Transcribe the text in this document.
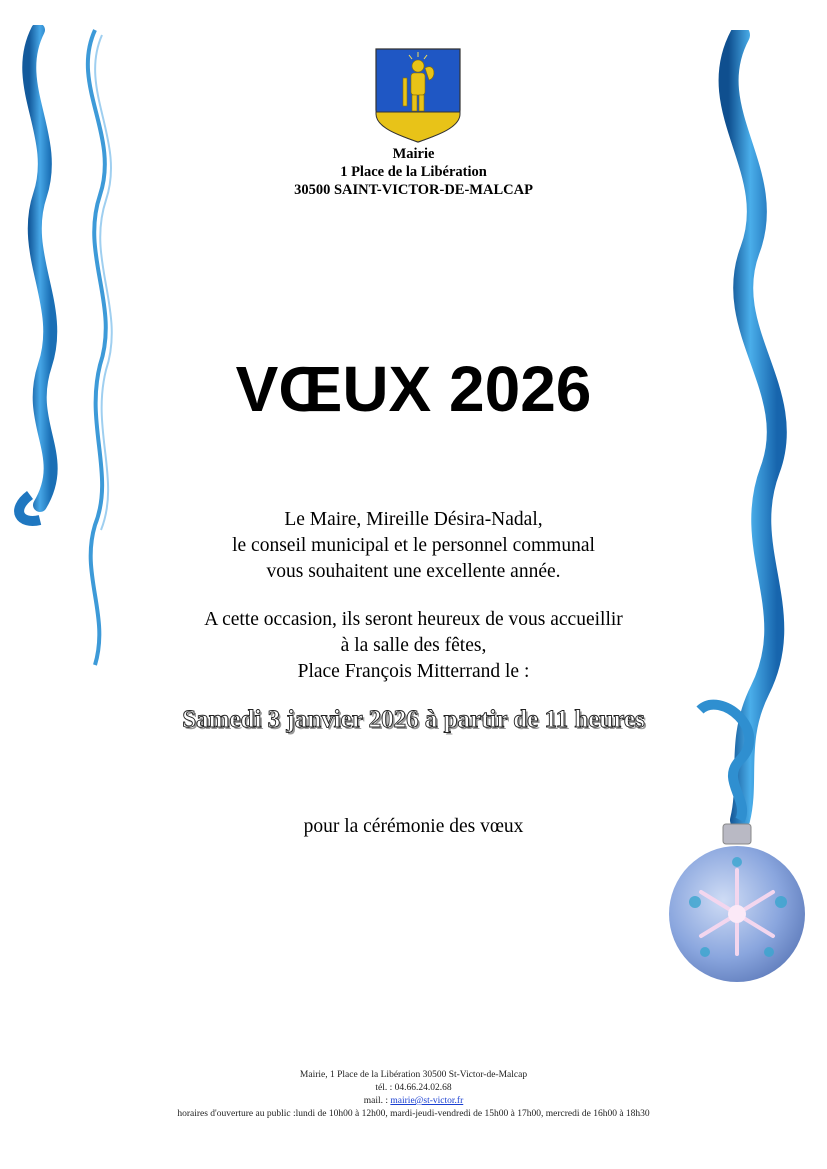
Mairie
1 Place de la Libération
30500 SAINT-VICTOR-DE-MALCAP
VŒUX 2026
Le Maire, Mireille Désira-Nadal,
le conseil municipal et le personnel communal
vous souhaitent une excellente année.
A cette occasion, ils seront heureux de vous accueillir
à la salle des fêtes,
Place François Mitterrand le :
Samedi 3 janvier 2026 à partir de 11 heures
pour la cérémonie des vœux
Mairie, 1 Place de la Libération 30500 St-Victor-de-Malcap
tél. : 04.66.24.02.68
mail. : mairie@st-victor.fr
horaires d'ouverture au public :lundi de 10h00 à 12h00, mardi-jeudi-vendredi de 15h00 à 17h00, mercredi de 16h00 à 18h30
